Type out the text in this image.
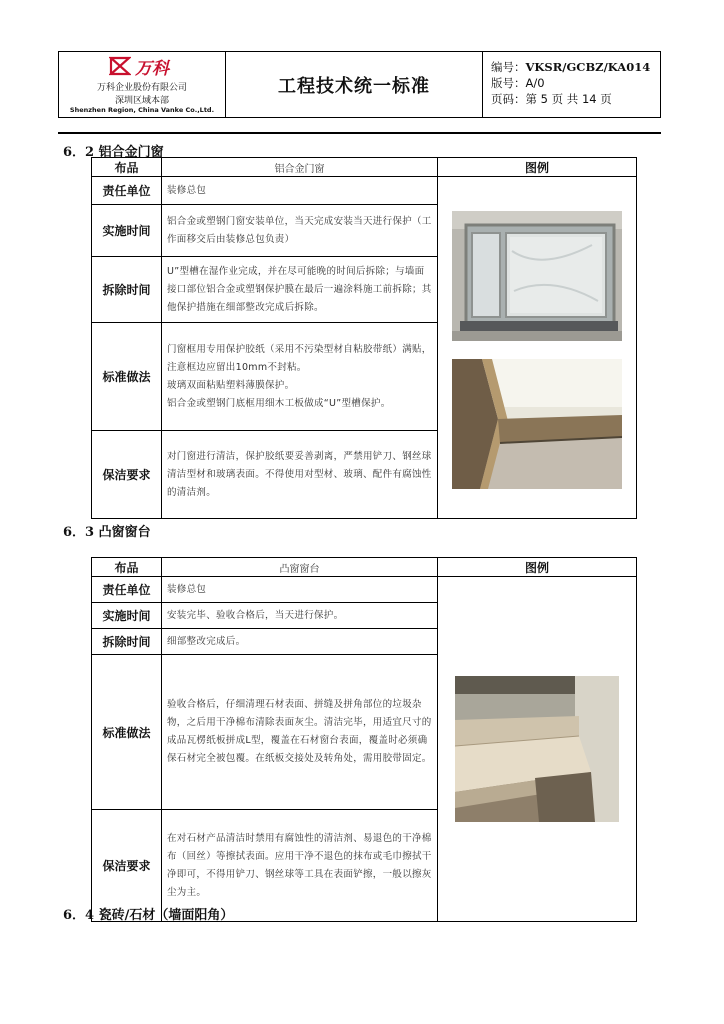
万科
万科企业股份有限公司
深圳区域本部
Shenzhen Region, China Vanke Co.,Ltd.
工程技术统一标准
编号：VKSR/GCBZ/KA014
版号：A/0
页码：第 5 页 共 14 页
6．2 铝合金门窗
布品	铝合金门窗	图例
责任单位	装修总包

实施时间	铝合金或塑钢门窗安装单位，当天完成安装当天进行保护（工作面移交后由装修总包负责）	

拆除时间	U”型槽在湿作业完成，并在尽可能晚的时间后拆除；与墙面接口部位铝合金或塑钢保护膜在最后一遍涂料施工前拆除；其他保护措施在细部整改完成后拆除。	

标准做法	门窗框用专用保护胶纸（采用不污染型材自粘胶带纸）满贴，注意框边应留出10mm不封粘。

玻璃双面粘贴塑料薄膜保护。

铝合金或塑钢门底框用细木工板做成“U”型槽保护。	

保洁要求	对门窗进行清洁，保护胶纸要妥善剥离，严禁用铲刀、钢丝球清洁型材和玻璃表面。不得使用对型材、玻璃、配件有腐蚀性的清洁剂。	

6．3 凸窗窗台
布品	凸窗窗台	图例
责任单位	装修总包

实施时间	安装完毕、验收合格后，当天进行保护。	

拆除时间	细部整改完成后。	

标准做法	验收合格后，仔细清理石材表面、拼缝及拼角部位的垃圾杂物，之后用干净棉布清除表面灰尘。清洁完毕，用适宜尺寸的成品瓦楞纸板拼成L型，覆盖在石材窗台表面，覆盖时必须确保石材完全被包覆。在纸板交接处及转角处，需用胶带固定。	

保洁要求	在对石材产品清洁时禁用有腐蚀性的清洁剂、易退色的干净棉布（回丝）等擦拭表面。应用干净不退色的抹布或毛巾擦拭干净即可，不得用铲刀、钢丝球等工具在表面铲擦，一般以擦灰尘为主。	

6．4 瓷砖/石材（墙面阳角）
